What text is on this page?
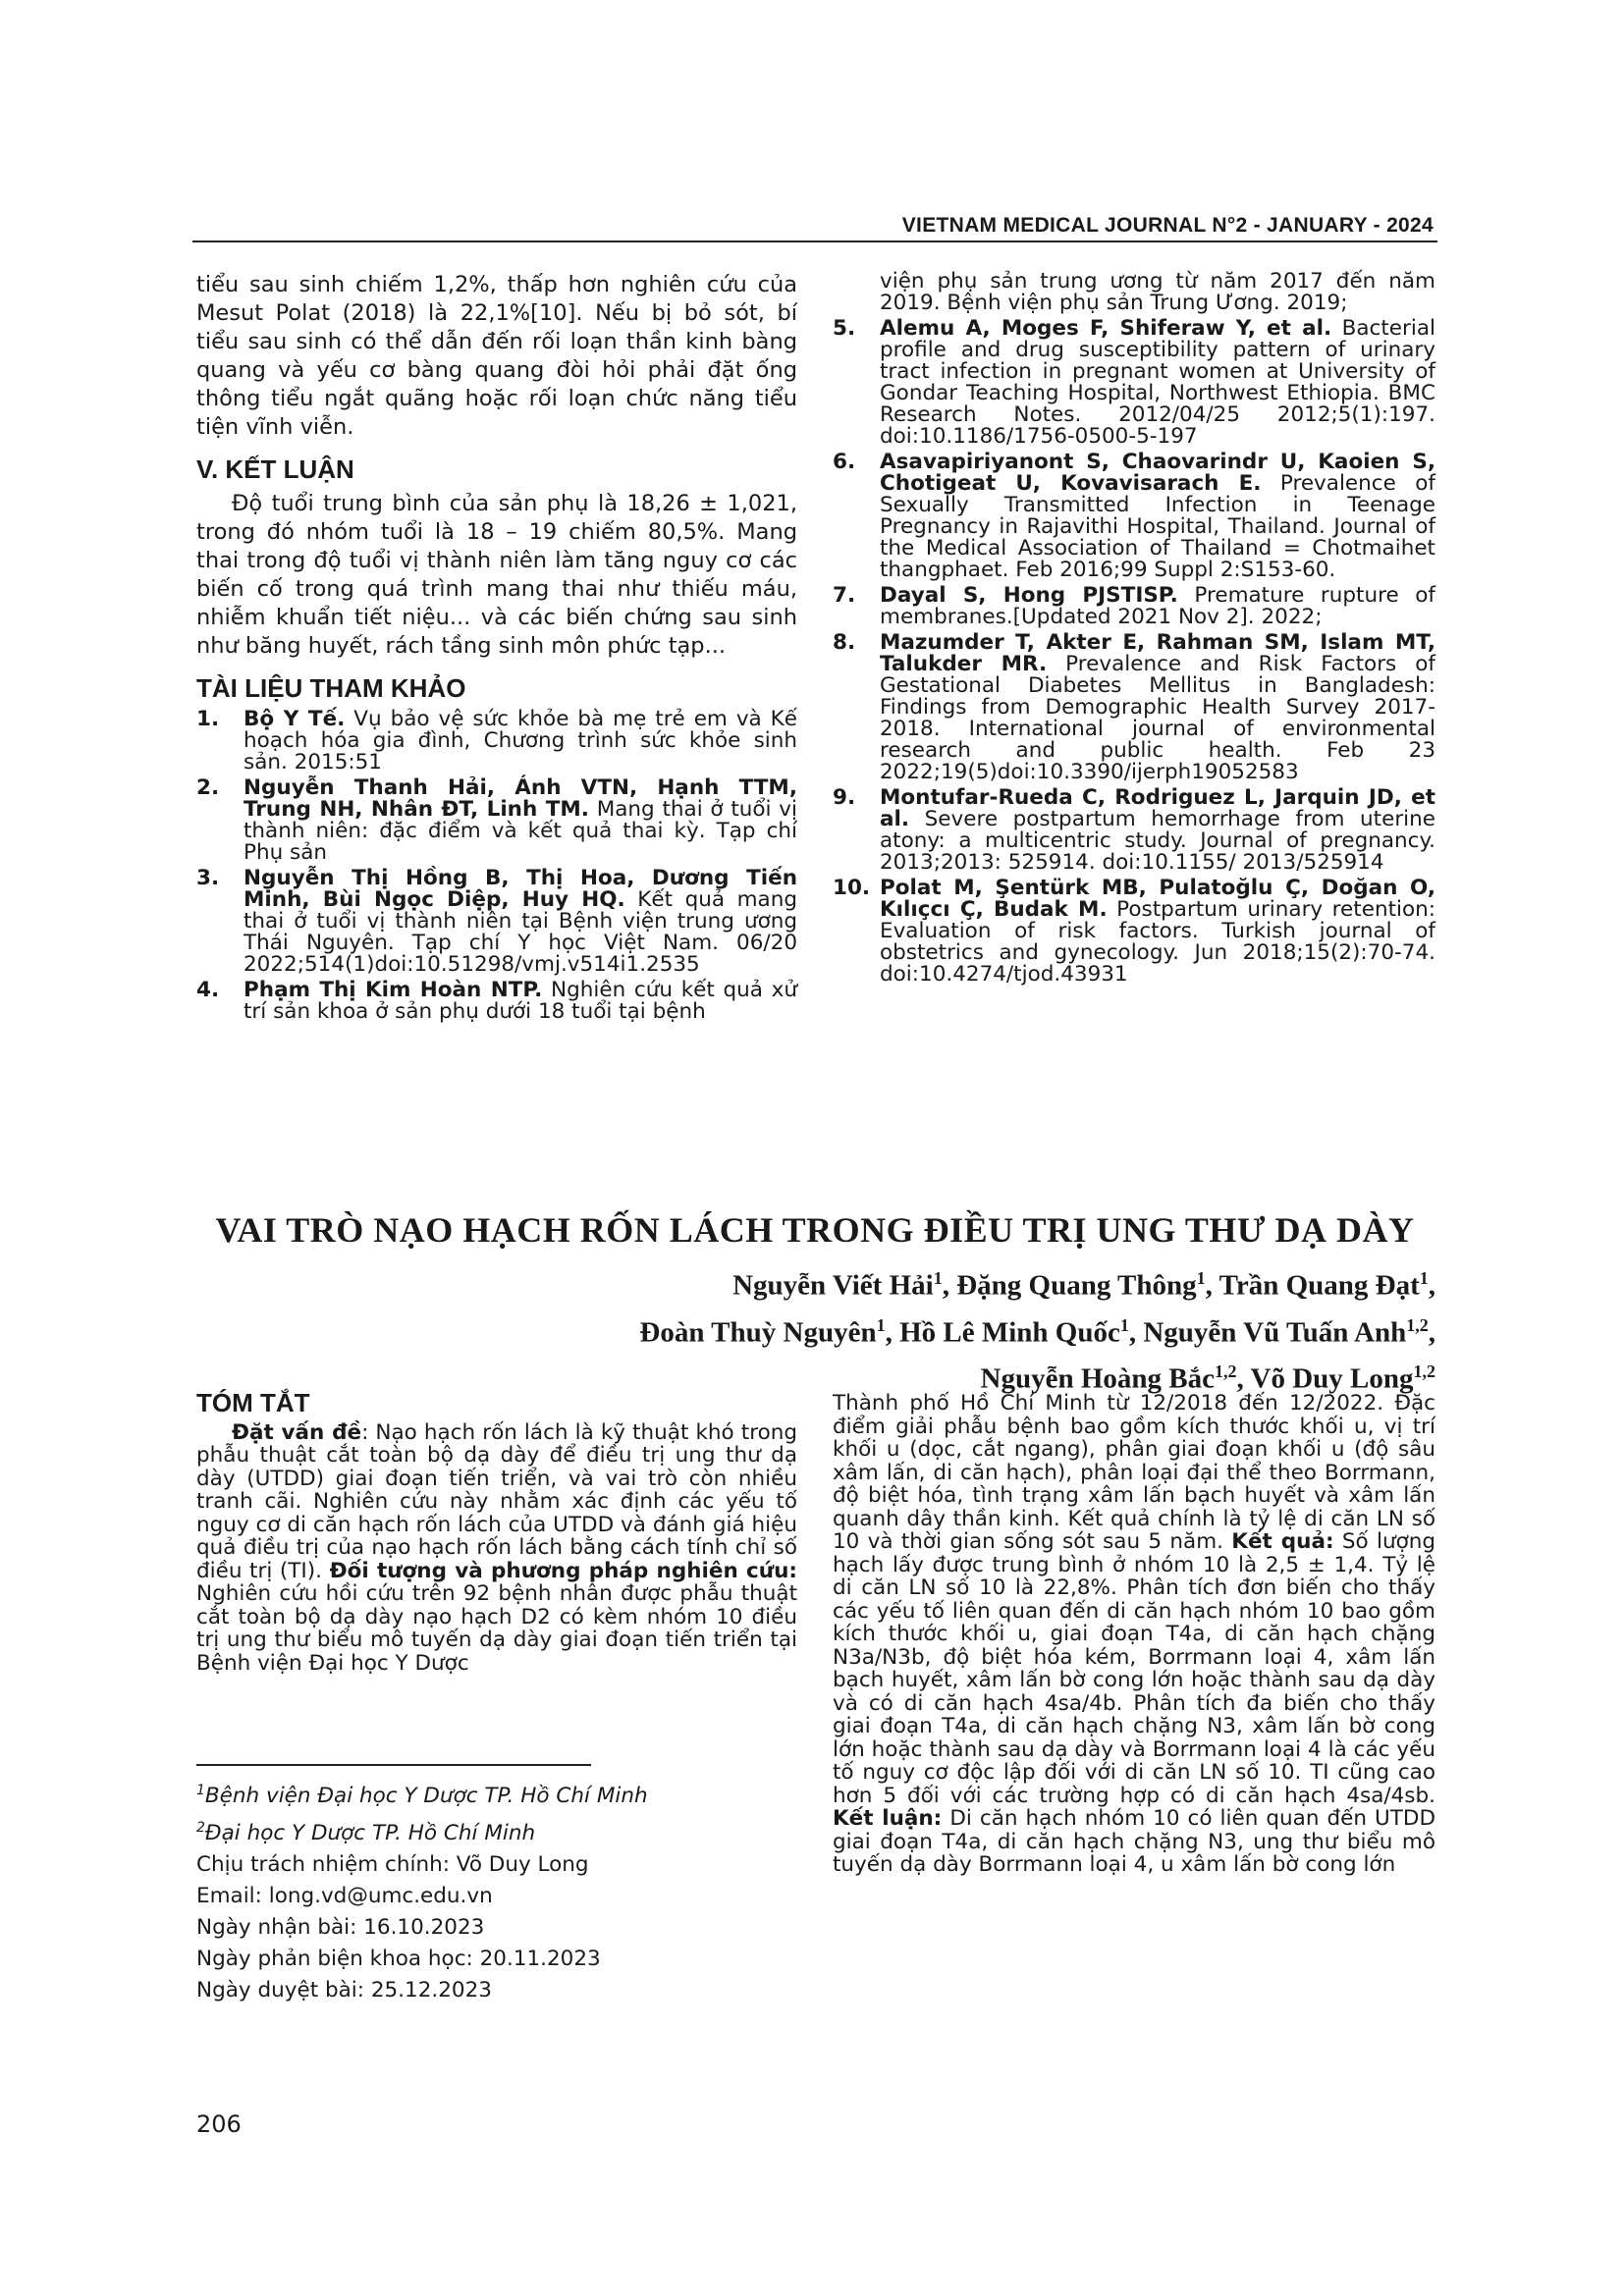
VIETNAM MEDICAL JOURNAL N°2 - JANUARY - 2024

tiểu sau sinh chiếm 1,2%, thấp hơn nghiên cứu của Mesut Polat (2018) là 22,1%[10]. Nếu bị bỏ sót, bí tiểu sau sinh có thể dẫn đến rối loạn thần kinh bàng quang và yếu cơ bàng quang đòi hỏi phải đặt ống thông tiểu ngắt quãng hoặc rối loạn chức năng tiểu tiện vĩnh viễn.

V. KẾT LUẬN

Độ tuổi trung bình của sản phụ là 18,26 ± 1,021, trong đó nhóm tuổi là 18 – 19 chiếm 80,5%. Mang thai trong độ tuổi vị thành niên làm tăng nguy cơ các biến cố trong quá trình mang thai như thiếu máu, nhiễm khuẩn tiết niệu... và các biến chứng sau sinh như băng huyết, rách tầng sinh môn phức tạp...

TÀI LIỆU THAM KHẢO
1. Bộ Y Tế. Vụ bảo vệ sức khỏe bà mẹ trẻ em và Kế hoạch hóa gia đình, Chương trình sức khỏe sinh sản. 2015:51
2. Nguyễn Thanh Hải, Ánh VTN, Hạnh TTM, Trung NH, Nhân ĐT, Linh TM. Mang thai ở tuổi vị thành niên: đặc điểm và kết quả thai kỳ. Tạp chí Phụ sản
3. Nguyễn Thị Hồng B, Thị Hoa, Dương Tiến Minh, Bùi Ngọc Diệp, Huy HQ. Kết quả mang thai ở tuổi vị thành niên tại Bệnh viện trung ương Thái Nguyên. Tạp chí Y học Việt Nam. 06/20 2022;514(1)doi:10.51298/vmj.v514i1.2535
4. Phạm Thị Kim Hoàn NTP. Nghiên cứu kết quả xử trí sản khoa ở sản phụ dưới 18 tuổi tại bệnh
viện phụ sản trung ương từ năm 2017 đến năm 2019. Bệnh viện phụ sản Trung Ương. 2019;
5. Alemu A, Moges F, Shiferaw Y, et al. Bacterial profile and drug susceptibility pattern of urinary tract infection in pregnant women at University of Gondar Teaching Hospital, Northwest Ethiopia. BMC Research Notes. 2012/04/25 2012;5(1):197. doi:10.1186/1756-0500-5-197
6. Asavapiriyanont S, Chaovarindr U, Kaoien S, Chotigeat U, Kovavisarach E. Prevalence of Sexually Transmitted Infection in Teenage Pregnancy in Rajavithi Hospital, Thailand. Journal of the Medical Association of Thailand = Chotmaihet thangphaet. Feb 2016;99 Suppl 2:S153-60.
7. Dayal S, Hong PJSTISP. Premature rupture of membranes.[Updated 2021 Nov 2]. 2022;
8. Mazumder T, Akter E, Rahman SM, Islam MT, Talukder MR. Prevalence and Risk Factors of Gestational Diabetes Mellitus in Bangladesh: Findings from Demographic Health Survey 2017-2018. International journal of environmental research and public health. Feb 23 2022;19(5)doi:10.3390/ijerph19052583
9. Montufar-Rueda C, Rodriguez L, Jarquin JD, et al. Severe postpartum hemorrhage from uterine atony: a multicentric study. Journal of pregnancy. 2013;2013: 525914. doi:10.1155/ 2013/525914
10. Polat M, Şentürk MB, Pulatoğlu Ç, Doğan O, Kılıçcı Ç, Budak M. Postpartum urinary retention: Evaluation of risk factors. Turkish journal of obstetrics and gynecology. Jun 2018;15(2):70-74. doi:10.4274/tjod.43931
VAI TRÒ NẠO HẠCH RỐN LÁCH TRONG ĐIỀU TRỊ UNG THƯ DẠ DÀY
Nguyễn Viết Hải$^1$, Đặng Quang Thông$^1$, Trần Quang Đạt$^1$,
Đoàn Thuỳ Nguyên$^1$, Hồ Lê Minh Quốc$^1$, Nguyễn Vũ Tuấn Anh$^{1,2}$,
Nguyễn Hoàng Bắc$^{1,2}$, Võ Duy Long$^{1,2}$
TÓM TẮT

Đặt vấn đề: Nạo hạch rốn lách là kỹ thuật khó trong phẫu thuật cắt toàn bộ dạ dày để điều trị ung thư dạ dày (UTDD) giai đoạn tiến triển, và vai trò còn nhiều tranh cãi. Nghiên cứu này nhằm xác định các yếu tố nguy cơ di căn hạch rốn lách của UTDD và đánh giá hiệu quả điều trị của nạo hạch rốn lách bằng cách tính chỉ số điều trị (TI). Đối tượng và phương pháp nghiên cứu: Nghiên cứu hồi cứu trên 92 bệnh nhân được phẫu thuật cắt toàn bộ dạ dày nạo hạch D2 có kèm nhóm 10 điều trị ung thư biểu mô tuyến dạ dày giai đoạn tiến triển tại Bệnh viện Đại học Y Dược

Thành phố Hồ Chí Minh từ 12/2018 đến 12/2022. Đặc điểm giải phẫu bệnh bao gồm kích thước khối u, vị trí khối u (dọc, cắt ngang), phân giai đoạn khối u (độ sâu xâm lấn, di căn hạch), phân loại đại thể theo Borrmann, độ biệt hóa, tình trạng xâm lấn bạch huyết và xâm lấn quanh dây thần kinh. Kết quả chính là tỷ lệ di căn LN số 10 và thời gian sống sót sau 5 năm. Kết quả: Số lượng hạch lấy được trung bình ở nhóm 10 là 2,5 ± 1,4. Tỷ lệ di căn LN số 10 là 22,8%. Phân tích đơn biến cho thấy các yếu tố liên quan đến di căn hạch nhóm 10 bao gồm kích thước khối u, giai đoạn T4a, di căn hạch chặng N3a/N3b, độ biệt hóa kém, Borrmann loại 4, xâm lấn bạch huyết, xâm lấn bờ cong lớn hoặc thành sau dạ dày và có di căn hạch 4sa/4b. Phân tích đa biến cho thấy giai đoạn T4a, di căn hạch chặng N3, xâm lấn bờ cong lớn hoặc thành sau dạ dày và Borrmann loại 4 là các yếu tố nguy cơ độc lập đối với di căn LN số 10. TI cũng cao hơn 5 đối với các trường hợp có di căn hạch 4sa/4sb. Kết luận: Di căn hạch nhóm 10 có liên quan đến UTDD giai đoạn T4a, di căn hạch chặng N3, ung thư biểu mô tuyến dạ dày Borrmann loại 4, u xâm lấn bờ cong lớn

$^1$Bệnh viện Đại học Y Dược TP. Hồ Chí Minh
$^2$Đại học Y Dược TP. Hồ Chí Minh
Chịu trách nhiệm chính: Võ Duy Long
Email: long.vd@umc.edu.vn
Ngày nhận bài: 16.10.2023
Ngày phản biện khoa học: 20.11.2023
Ngày duyệt bài: 25.12.2023
206
